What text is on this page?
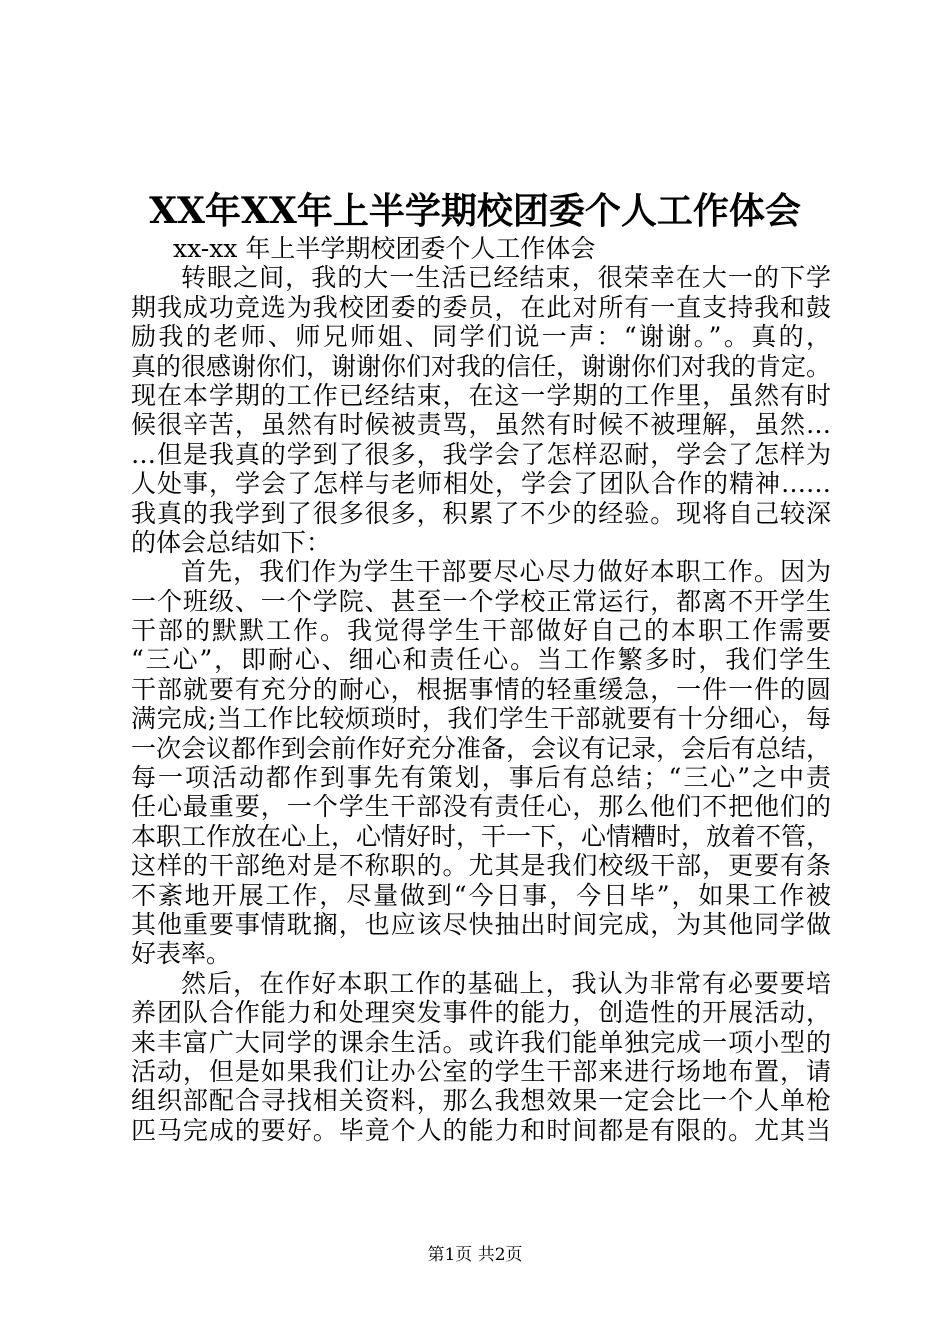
XX年XX年上半学期校团委个人工作体会
xx-xx 年上半学期校团委个人工作体会
转眼之间，我的大一生活已经结束，很荣幸在大一的下学
期我成功竞选为我校团委的委员，在此对所有一直支持我和鼓
励我的老师、师兄师姐、同学们说一声：“谢谢。”。真的，
真的很感谢你们，谢谢你们对我的信任，谢谢你们对我的肯定。
现在本学期的工作已经结束，在这一学期的工作里，虽然有时
候很辛苦，虽然有时候被责骂，虽然有时候不被理解，虽然…
…但是我真的学到了很多，我学会了怎样忍耐，学会了怎样为
人处事，学会了怎样与老师相处，学会了团队合作的精神……
我真的我学到了很多很多，积累了不少的经验。现将自己较深
的体会总结如下：
首先，我们作为学生干部要尽心尽力做好本职工作。因为
一个班级、一个学院、甚至一个学校正常运行，都离不开学生
干部的默默工作。我觉得学生干部做好自己的本职工作需要
“三心”，即耐心、细心和责任心。当工作繁多时，我们学生
干部就要有充分的耐心，根据事情的轻重缓急，一件一件的圆
满完成;当工作比较烦琐时，我们学生干部就要有十分细心，每
一次会议都作到会前作好充分准备，会议有记录，会后有总结，
每一项活动都作到事先有策划，事后有总结；“三心”之中责
任心最重要，一个学生干部没有责任心，那么他们不把他们的
本职工作放在心上，心情好时，干一下，心情糟时，放着不管，
这样的干部绝对是不称职的。尤其是我们校级干部，更要有条
不紊地开展工作，尽量做到“今日事，今日毕”，如果工作被
其他重要事情耽搁，也应该尽快抽出时间完成，为其他同学做
好表率。
然后，在作好本职工作的基础上，我认为非常有必要要培
养团队合作能力和处理突发事件的能力，创造性的开展活动，
来丰富广大同学的课余生活。或许我们能单独完成一项小型的
活动，但是如果我们让办公室的学生干部来进行场地布置，请
组织部配合寻找相关资料，那么我想效果一定会比一个人单枪
匹马完成的要好。毕竟个人的能力和时间都是有限的。尤其当
第1页 共2页
